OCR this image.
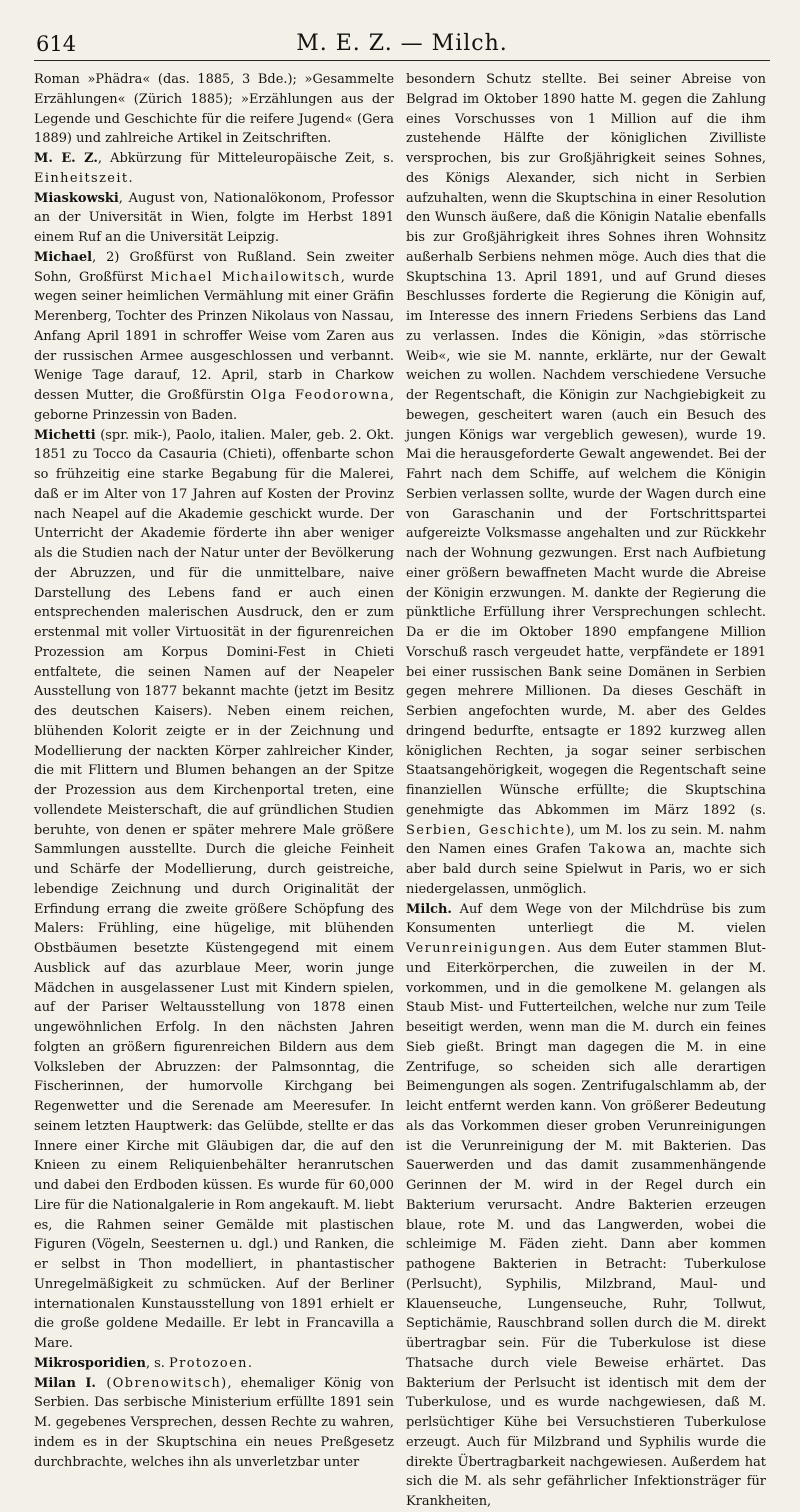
614	M. E. Z. — Milch.

Roman »Phädra« (das. 1885, 3 Bde.); »Gesammelte Erzählungen« (Zürich 1885); »Erzählungen aus der Legende und Geschichte für die reifere Jugend« (Gera 1889) und zahlreiche Artikel in Zeitschriften.

M. E. Z., Abkürzung für Mitteleuropäische Zeit, s. Einheitszeit.

Miaskowski, August von, Nationalökonom, Professor an der Universität in Wien, folgte im Herbst 1891 einem Ruf an die Universität Leipzig.

Michael, 2) Großfürst von Rußland. Sein zweiter Sohn, Großfürst Michael Michailowitsch, wurde wegen seiner heimlichen Vermählung mit einer Gräfin Merenberg, Tochter des Prinzen Nikolaus von Nassau, Anfang April 1891 in schroffer Weise vom Zaren aus der russischen Armee ausgeschlossen und verbannt. Wenige Tage darauf, 12. April, starb in Charkow dessen Mutter, die Großfürstin Olga Feodorowna, geborne Prinzessin von Baden.

Michetti (spr. mik-), Paolo, italien. Maler, geb. 2. Okt. 1851 zu Tocco da Casauria (Chieti), offenbarte schon so frühzeitig eine starke Begabung für die Malerei, daß er im Alter von 17 Jahren auf Kosten der Provinz nach Neapel auf die Akademie geschickt wurde. Der Unterricht der Akademie förderte ihn aber weniger als die Studien nach der Natur unter der Bevölkerung der Abruzzen, und für die unmittelbare, naive Darstellung des Lebens fand er auch einen entsprechenden malerischen Ausdruck, den er zum erstenmal mit voller Virtuosität in der figurenreichen Prozession am Korpus Domini-Fest in Chieti entfaltete, die seinen Namen auf der Neapeler Ausstellung von 1877 bekannt machte (jetzt im Besitz des deutschen Kaisers). Neben einem reichen, blühenden Kolorit zeigte er in der Zeichnung und Modellierung der nackten Körper zahlreicher Kinder, die mit Flittern und Blumen behangen an der Spitze der Prozession aus dem Kirchenportal treten, eine vollendete Meisterschaft, die auf gründlichen Studien beruhte, von denen er später mehrere Male größere Sammlungen ausstellte. Durch die gleiche Feinheit und Schärfe der Modellierung, durch geistreiche, lebendige Zeichnung und durch Originalität der Erfindung errang die zweite größere Schöpfung des Malers: Frühling, eine hügelige, mit blühenden Obstbäumen besetzte Küstengegend mit einem Ausblick auf das azurblaue Meer, worin junge Mädchen in ausgelassener Lust mit Kindern spielen, auf der Pariser Weltausstellung von 1878 einen ungewöhnlichen Erfolg. In den nächsten Jahren folgten an größern figurenreichen Bildern aus dem Volksleben der Abruzzen: der Palmsonntag, die Fischerinnen, der humorvolle Kirchgang bei Regenwetter und die Serenade am Meeresufer. In seinem letzten Hauptwerk: das Gelübde, stellte er das Innere einer Kirche mit Gläubigen dar, die auf den Knieen zu einem Reliquienbehälter heranrutschen und dabei den Erdboden küssen. Es wurde für 60,000 Lire für die Nationalgalerie in Rom angekauft. M. liebt es, die Rahmen seiner Gemälde mit plastischen Figuren (Vögeln, Seesternen u. dgl.) und Ranken, die er selbst in Thon modelliert, in phantastischer Unregelmäßigkeit zu schmücken. Auf der Berliner internationalen Kunstausstellung von 1891 erhielt er die große goldene Medaille. Er lebt in Francavilla a Mare.

Mikrosporidien, s. Protozoen.

Milan I. (Obrenowitsch), ehemaliger König von Serbien. Das serbische Ministerium erfüllte 1891 sein M. gegebenes Versprechen, dessen Rechte zu wahren, indem es in der Skuptschina ein neues Preßgesetz durchbrachte, welches ihn als unverletzbar unter

besondern Schutz stellte. Bei seiner Abreise von Belgrad im Oktober 1890 hatte M. gegen die Zahlung eines Vorschusses von 1 Million auf die ihm zustehende Hälfte der königlichen Zivilliste versprochen, bis zur Großjährigkeit seines Sohnes, des Königs Alexander, sich nicht in Serbien aufzuhalten, wenn die Skuptschina in einer Resolution den Wunsch äußere, daß die Königin Natalie ebenfalls bis zur Großjährigkeit ihres Sohnes ihren Wohnsitz außerhalb Serbiens nehmen möge. Auch dies that die Skuptschina 13. April 1891, und auf Grund dieses Beschlusses forderte die Regierung die Königin auf, im Interesse des innern Friedens Serbiens das Land zu verlassen. Indes die Königin, »das störrische Weib«, wie sie M. nannte, erklärte, nur der Gewalt weichen zu wollen. Nachdem verschiedene Versuche der Regentschaft, die Königin zur Nachgiebigkeit zu bewegen, gescheitert waren (auch ein Besuch des jungen Königs war vergeblich gewesen), wurde 19. Mai die herausgeforderte Gewalt angewendet. Bei der Fahrt nach dem Schiffe, auf welchem die Königin Serbien verlassen sollte, wurde der Wagen durch eine von Garaschanin und der Fortschrittspartei aufgereizte Volksmasse angehalten und zur Rückkehr nach der Wohnung gezwungen. Erst nach Aufbietung einer größern bewaffneten Macht wurde die Abreise der Königin erzwungen. M. dankte der Regierung die pünktliche Erfüllung ihrer Versprechungen schlecht. Da er die im Oktober 1890 empfangene Million Vorschuß rasch vergeudet hatte, verpfändete er 1891 bei einer russischen Bank seine Domänen in Serbien gegen mehrere Millionen. Da dieses Geschäft in Serbien angefochten wurde, M. aber des Geldes dringend bedurfte, entsagte er 1892 kurzweg allen königlichen Rechten, ja sogar seiner serbischen Staatsangehörigkeit, wogegen die Regentschaft seine finanziellen Wünsche erfüllte; die Skuptschina genehmigte das Abkommen im März 1892 (s. Serbien, Geschichte), um M. los zu sein. M. nahm den Namen eines Grafen Takowa an, machte sich aber bald durch seine Spielwut in Paris, wo er sich niedergelassen, unmöglich.

Milch. Auf dem Wege von der Milchdrüse bis zum Konsumenten unterliegt die M. vielen Verunreinigungen. Aus dem Euter stammen Blut- und Eiterkörperchen, die zuweilen in der M. vorkommen, und in die gemolkene M. gelangen als Staub Mist- und Futterteilchen, welche nur zum Teile beseitigt werden, wenn man die M. durch ein feines Sieb gießt. Bringt man dagegen die M. in eine Zentrifuge, so scheiden sich alle derartigen Beimengungen als sogen. Zentrifugalschlamm ab, der leicht entfernt werden kann. Von größerer Bedeutung als das Vorkommen dieser groben Verunreinigungen ist die Verunreinigung der M. mit Bakterien. Das Sauerwerden und das damit zusammenhängende Gerinnen der M. wird in der Regel durch ein Bakterium verursacht. Andre Bakterien erzeugen blaue, rote M. und das Langwerden, wobei die schleimige M. Fäden zieht. Dann aber kommen pathogene Bakterien in Betracht: Tuberkulose (Perlsucht), Syphilis, Milzbrand, Maul- und Klauenseuche, Lungenseuche, Ruhr, Tollwut, Septichämie, Rauschbrand sollen durch die M. direkt übertragbar sein. Für die Tuberkulose ist diese Thatsache durch viele Beweise erhärtet. Das Bakterium der Perlsucht ist identisch mit dem der Tuberkulose, und es wurde nachgewiesen, daß M. perlsüchtiger Kühe bei Versuchstieren Tuberkulose erzeugt. Auch für Milzbrand und Syphilis wurde die direkte Übertragbarkeit nachgewiesen. Außerdem hat sich die M. als sehr gefährlicher Infektionsträger für Krankheiten,
